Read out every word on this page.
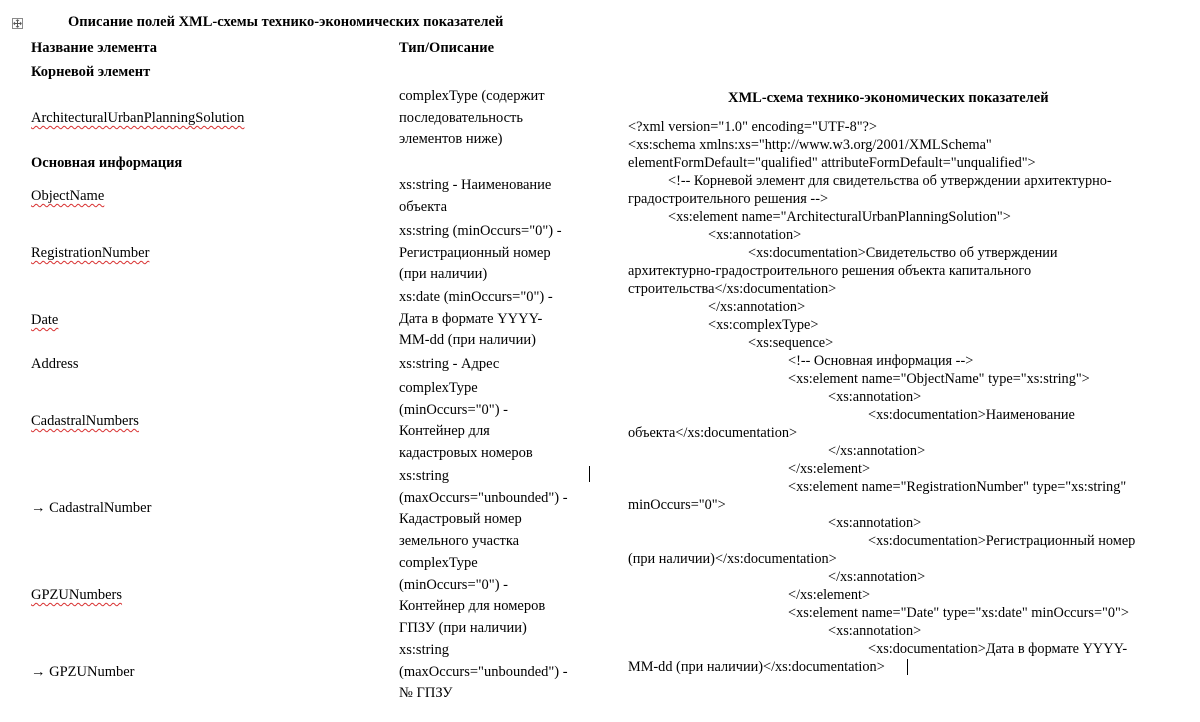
Описание полей XML-схемы технико-экономических показателей
Название элемента	Тип/Описание
Корневой элемент
Основная информация
ArchitecturalUrbanPlanningSolution
complexType (содержит
последовательность
элементов ниже)
ObjectName
xs:string - Наименование
объекта
RegistrationNumber
xs:string (minOccurs="0") -
Регистрационный номер
(при наличии)
Date
xs:date (minOccurs="0") -
Дата в формате YYYY-
MM-dd (при наличии)
Address	xs:string - Адрес
CadastralNumbers
complexType
(minOccurs="0") -
Контейнер для
кадастровых номеров
→ CadastralNumber
xs:string
(maxOccurs="unbounded") -
Кадастровый номер
земельного участка
GPZUNumbers
complexType
(minOccurs="0") -
Контейнер для номеров
ГПЗУ (при наличии)
→ GPZUNumber
xs:string
(maxOccurs="unbounded") -
№ ГПЗУ
XML-схема технико-экономических показателей
<?xml version="1.0" encoding="UTF-8"?>
<xs:schema xmlns:xs="http://www.w3.org/2001/XMLSchema"
elementFormDefault="qualified" attributeFormDefault="unqualified">
<!-- Корневой элемент для свидетельства об утверждении архитектурно-
градостроительного решения -->
<xs:element name="ArchitecturalUrbanPlanningSolution">
<xs:annotation>
<xs:documentation>Свидетельство об утверждении
архитектурно-градостроительного решения объекта капитального
строительства</xs:documentation>
</xs:annotation>
<xs:complexType>
<xs:sequence>
<!-- Основная информация -->
<xs:element name="ObjectName" type="xs:string">
<xs:annotation>
<xs:documentation>Наименование
объекта</xs:documentation>
</xs:annotation>
</xs:element>
<xs:element name="RegistrationNumber" type="xs:string"
minOccurs="0">
<xs:annotation>
<xs:documentation>Регистрационный номер
(при наличии)</xs:documentation>
</xs:annotation>
</xs:element>
<xs:element name="Date" type="xs:date" minOccurs="0">
<xs:annotation>
<xs:documentation>Дата в формате YYYY-
MM-dd (при наличии)</xs:documentation>
